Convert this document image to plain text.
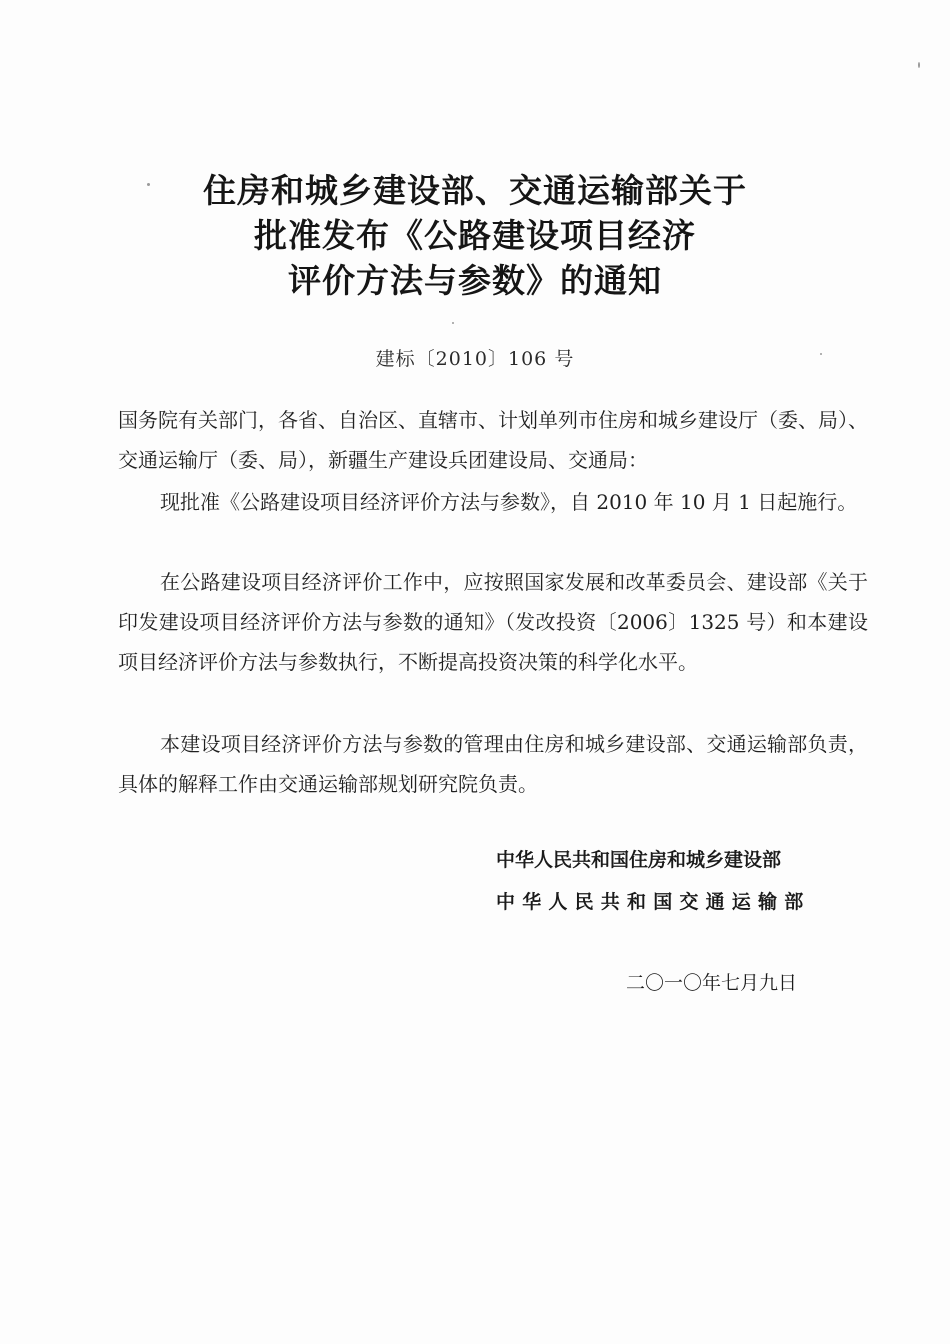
住房和城乡建设部、交通运输部关于
批准发布《公路建设项目经济
评价方法与参数》的通知
建标〔2010〕106 号
国务院有关部门，各省、自治区、直辖市、计划单列市住房和城乡建设厅（委、局）、交通运输厅（委、局），新疆生产建设兵团建设局、交通局：
现批准《公路建设项目经济评价方法与参数》，自 2010 年 10 月 1 日起施行。
在公路建设项目经济评价工作中，应按照国家发展和改革委员会、建设部《关于印发建设项目经济评价方法与参数的通知》（发改投资〔2006〕1325 号）和本建设项目经济评价方法与参数执行，不断提高投资决策的科学化水平。
本建设项目经济评价方法与参数的管理由住房和城乡建设部、交通运输部负责，具体的解释工作由交通运输部规划研究院负责。
中华人民共和国住房和城乡建设部
中华人民共和国交通运输部
二〇一〇年七月九日
